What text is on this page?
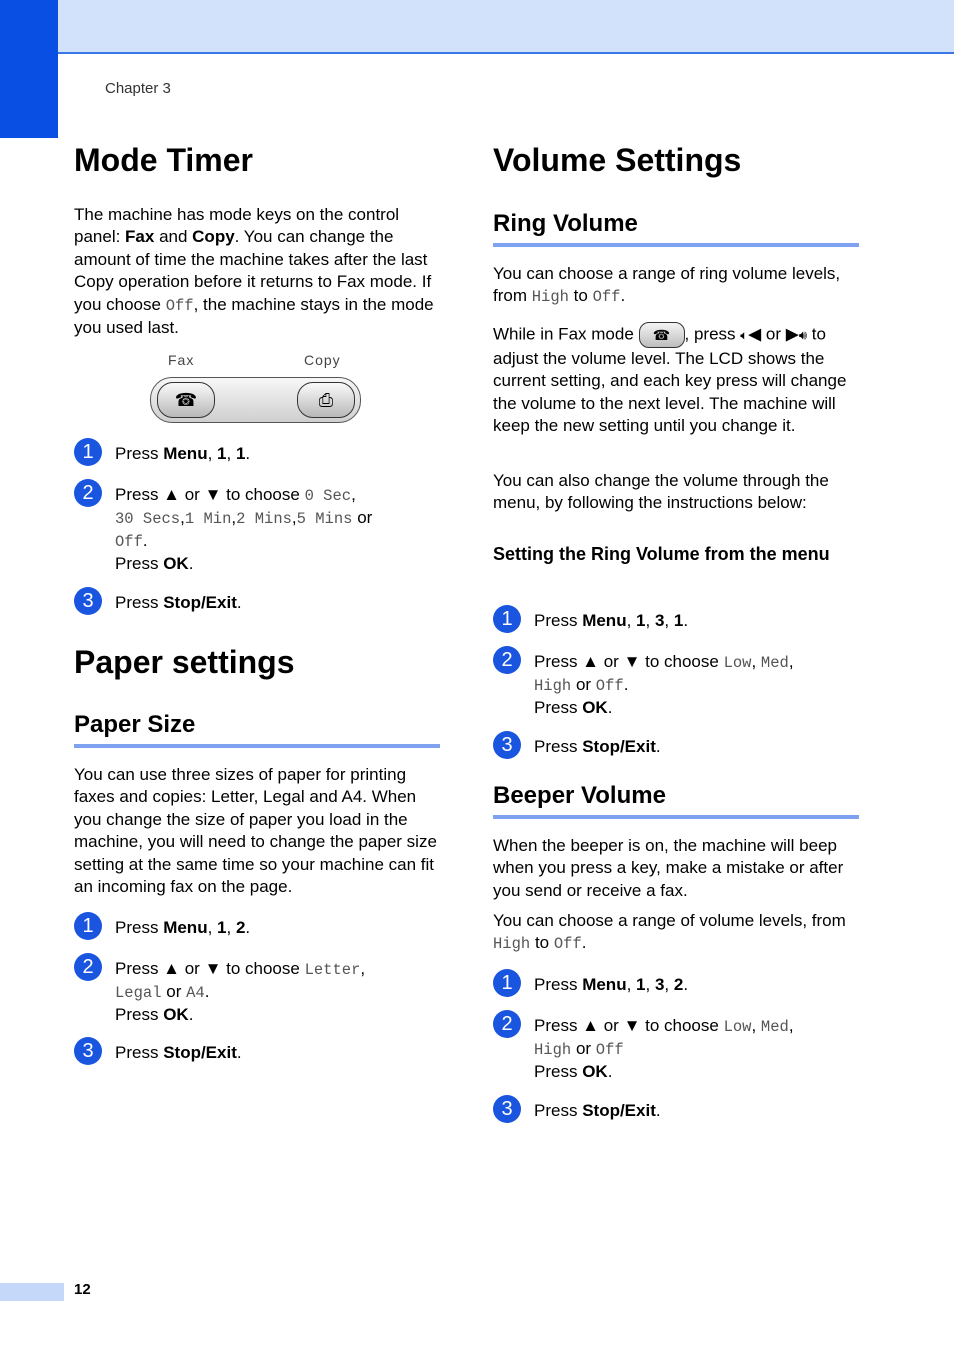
Chapter 3
Mode Timer

The machine has mode keys on the control panel: Fax and Copy. You can change the amount of time the machine takes after the last Copy operation before it returns to Fax mode. If you choose Off, the machine stays in the mode you used last.

Fax	Copy
☎	⎙
1	Press Menu, 1, 1.
2	Press ▲ or ▼ to choose 0 Sec,
30 Secs,1 Min,2 Mins,5 Mins or
Off.
Press OK.
3	Press Stop/Exit.
Paper settings
Paper Size

You can use three sizes of paper for printing faxes and copies: Letter, Legal and A4. When you change the size of paper you load in the machine, you will need to change the paper size setting at the same time so your machine can fit an incoming fax on the page.

1	Press Menu, 1, 2.
2	Press ▲ or ▼ to choose Letter,
Legal or A4.
Press OK.
3	Press Stop/Exit.
Volume Settings
Ring Volume

You can choose a range of ring volume levels, from High to Off.

While in Fax mode ☎ , press 🔈︎◀ or ▶🔊︎ to adjust the volume level. The LCD shows the current setting, and each key press will change the volume to the next level. The machine will keep the new setting until you change it.

You can also change the volume through the menu, by following the instructions below:

Setting the Ring Volume from the menu
1	Press Menu, 1, 3, 1.
2	Press ▲ or ▼ to choose Low, Med,
High or Off.
Press OK.
3	Press Stop/Exit.
Beeper Volume

When the beeper is on, the machine will beep when you press a key, make a mistake or after you send or receive a fax.

You can choose a range of volume levels, from High to Off.

1	Press Menu, 1, 3, 2.
2	Press ▲ or ▼ to choose Low, Med,
High or Off
Press OK.
3	Press Stop/Exit.
12
